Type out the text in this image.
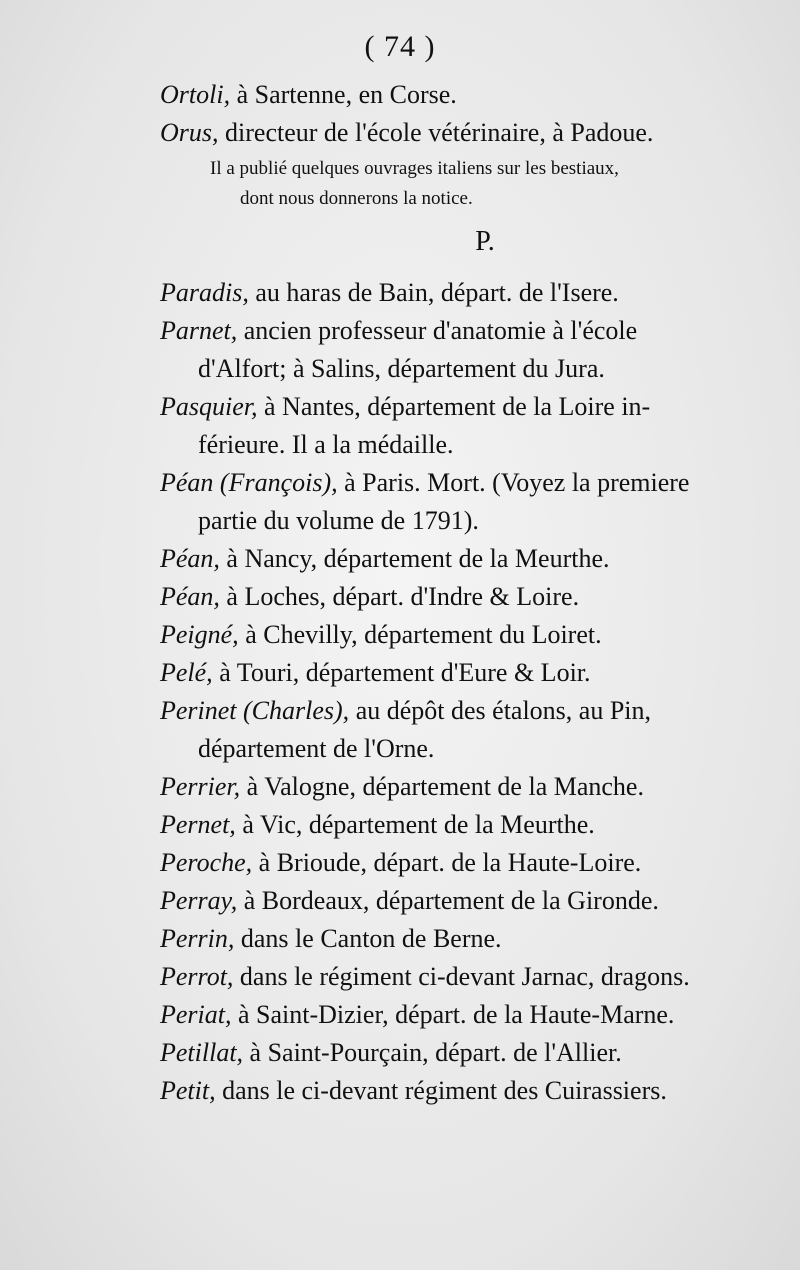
( 74 )
Ortoli, à Sartenne, en Corse.
Orus, directeur de l'école vétérinaire, à Padoue.
Il a publié quelques ouvrages italiens sur les bestiaux,
dont nous donnerons la notice.
P.
Paradis, au haras de Bain, départ. de l'Isere.
Parnet, ancien professeur d'anatomie à l'école
d'Alfort; à Salins, département du Jura.
Pasquier, à Nantes, département de la Loire in-
férieure. Il a la médaille.
Péan (François), à Paris. Mort. (Voyez la premiere
partie du volume de 1791).
Péan, à Nancy, département de la Meurthe.
Péan, à Loches, départ. d'Indre & Loire.
Peigné, à Chevilly, département du Loiret.
Pelé, à Touri, département d'Eure & Loir.
Perinet (Charles), au dépôt des étalons, au Pin,
département de l'Orne.
Perrier, à Valogne, département de la Manche.
Pernet, à Vic, département de la Meurthe.
Peroche, à Brioude, départ. de la Haute-Loire.
Perray, à Bordeaux, département de la Gironde.
Perrin, dans le Canton de Berne.
Perrot, dans le régiment ci-devant Jarnac, dragons.
Periat, à Saint-Dizier, départ. de la Haute-Marne.
Petillat, à Saint-Pourçain, départ. de l'Allier.
Petit, dans le ci-devant régiment des Cuirassiers.
